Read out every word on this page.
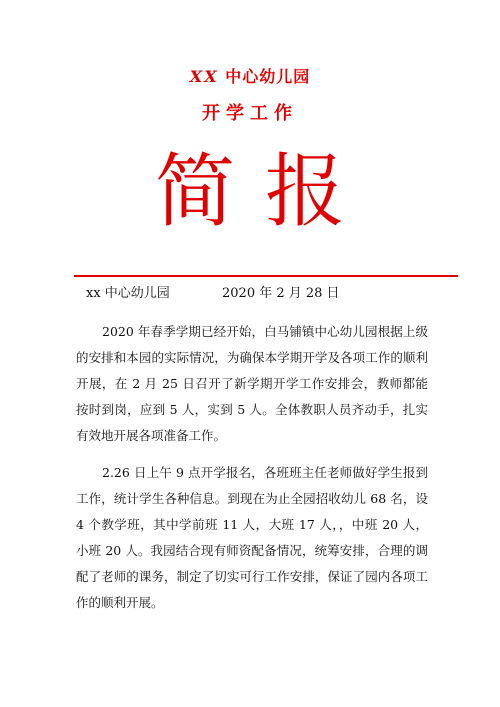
XX 中心幼儿园
开学工作
简报
xx 中心幼儿园	2020 年 2 月 28 日

2020 年春季学期已经开始，白马铺镇中心幼儿园根据上级的安排和本园的实际情况，为确保本学期开学及各项工作的顺利开展，在 2 月 25 日召开了新学期开学工作安排会，教师都能按时到岗，应到 5 人，实到 5 人。全体教职人员齐动手，扎实有效地开展各项准备工作。

2.26 日上午 9 点开学报名，各班班主任老师做好学生报到工作，统计学生各种信息。到现在为止全园招收幼儿 68 名，设 4 个教学班，其中学前班 11 人，大班 17 人，，中班 20 人，小班 20 人。我园结合现有师资配备情况，统筹安排，合理的调配了老师的课务，制定了切实可行工作安排，保证了园内各项工作的顺利开展。
